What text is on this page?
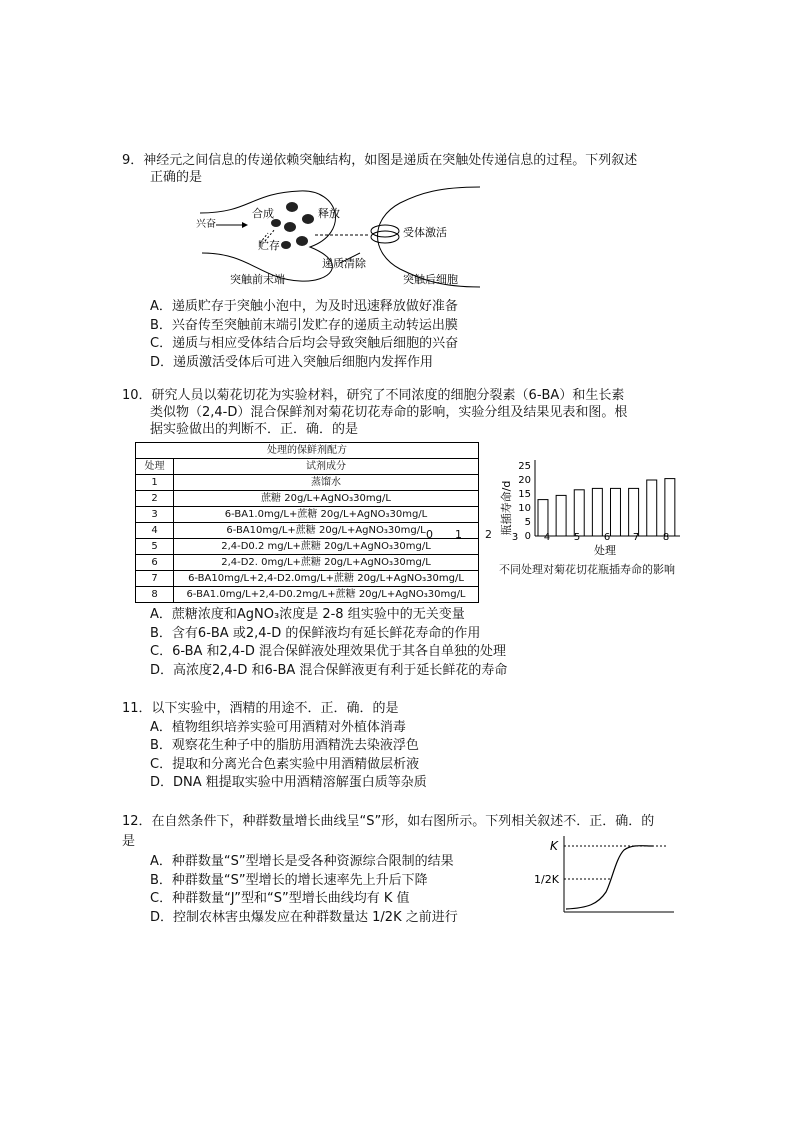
9．神经元之间信息的传递依赖突触结构，如图是递质在突触处传递信息的过程。下列叙述
正确的是
兴奋
合成	释放
贮存
受体激活
递质清除
突触前末端	突触后细胞
A．递质贮存于突触小泡中，为及时迅速释放做好准备
B．兴奋传至突触前末端引发贮存的递质主动转运出膜
C．递质与相应受体结合后均会导致突触后细胞的兴奋
D．递质激活受体后可进入突触后细胞内发挥作用
10．研究人员以菊花切花为实验材料，研究了不同浓度的细胞分裂素（6-BA）和生长素
类似物（2,4-D）混合保鲜剂对菊花切花寿命的影响，实验分组及结果见表和图。根
据实验做出的判断不．正．确．的是
处理的保鲜剂配方	
处理	试剂成分
1	蒸馏水
2	蔗糖 20g/L+AgNO₃30mg/L
3	6-BA1.0mg/L+蔗糖 20g/L+AgNO₃30mg/L
4	6-BA10mg/L+蔗糖 20g/L+AgNO₃30mg/L
5	2,4-D0.2 mg/L+蔗糖 20g/L+AgNO₃30mg/L
6	2,4-D2. 0mg/L+蔗糖 20g/L+AgNO₃30mg/L
7	6-BA10mg/L+2,4-D2.0mg/L+蔗糖 20g/L+AgNO₃30mg/L
8	6-BA1.0mg/L+2,4-D0.2mg/L+蔗糖 20g/L+AgNO₃30mg/L
0 1 2 瓶插寿命/d
0
5
10
15
20
25
3	4 5 6 7 8
处理
不同处理对菊花切花瓶插寿命的影响
A．蔗糖浓度和AgNO₃浓度是 2-8 组实验中的无关变量
B．含有6-BA 或2,4-D 的保鲜液均有延长鲜花寿命的作用
C．6-BA 和2,4-D 混合保鲜液处理效果优于其各自单独的处理
D．高浓度2,4-D 和6-BA 混合保鲜液更有利于延长鲜花的寿命
11．以下实验中，酒精的用途不．正．确．的是
A．植物组织培养实验可用酒精对外植体消毒
B．观察花生种子中的脂肪用酒精洗去染液浮色
C．提取和分离光合色素实验中用酒精做层析液
D．DNA 粗提取实验中用酒精溶解蛋白质等杂质
12．在自然条件下，种群数量增长曲线呈“S”形，如右图所示。下列相关叙述不．正．确．的
是
A．种群数量“S”型增长是受各种资源综合限制的结果
B．种群数量“S”型增长的增长速率先上升后下降
C．种群数量“J”型和“S”型增长曲线均有 K 值
D．控制农林害虫爆发应在种群数量达 1/2K 之前进行
K
1/2K
